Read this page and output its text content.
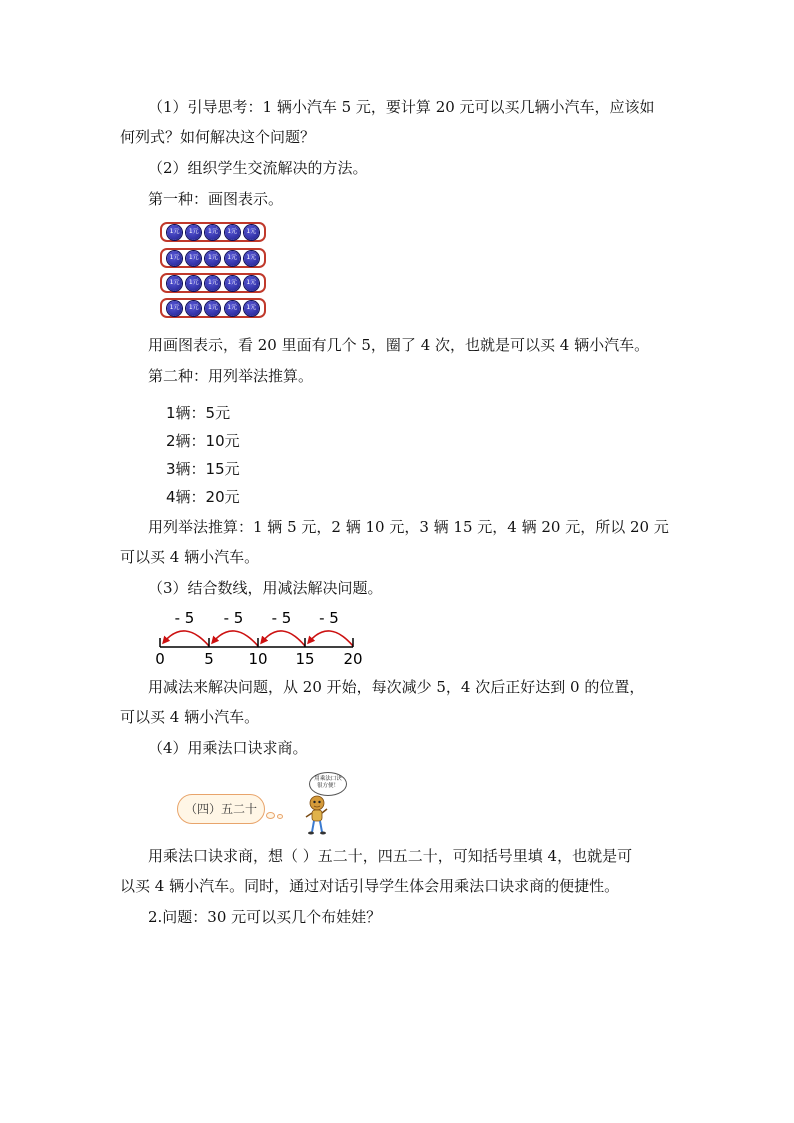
（1）引导思考：1 辆小汽车 5 元，要计算 20 元可以买几辆小汽车，应该如
何列式？如何解决这个问题？
（2）组织学生交流解决的方法。
第一种：画图表示。
1元	1元	1元	1元	1元
1元	1元	1元	1元	1元
1元	1元	1元	1元	1元
1元	1元	1元	1元	1元
用画图表示，看 20 里面有几个 5，圈了 4 次，也就是可以买 4 辆小汽车。
第二种：用列举法推算。
1辆：5元
2辆：10元
3辆：15元
4辆：20元
用列举法推算：1 辆 5 元，2 辆 10 元，3 辆 15 元，4 辆 20 元，所以 20 元
可以买 4 辆小汽车。
（3）结合数线，用减法解决问题。
- 5 - 5 - 5 - 5
0	5 10 15 20
用减法来解决问题，从 20 开始，每次减少 5，4 次后正好达到 0 的位置，
可以买 4 辆小汽车。
（4）用乘法口诀求商。
（四）五二十
用乘法口诀很方便！
用乘法口诀求商，想（ ）五二十，四五二十，可知括号里填 4，也就是可
以买 4 辆小汽车。同时，通过对话引导学生体会用乘法口诀求商的便捷性。
2.问题：30 元可以买几个布娃娃？
